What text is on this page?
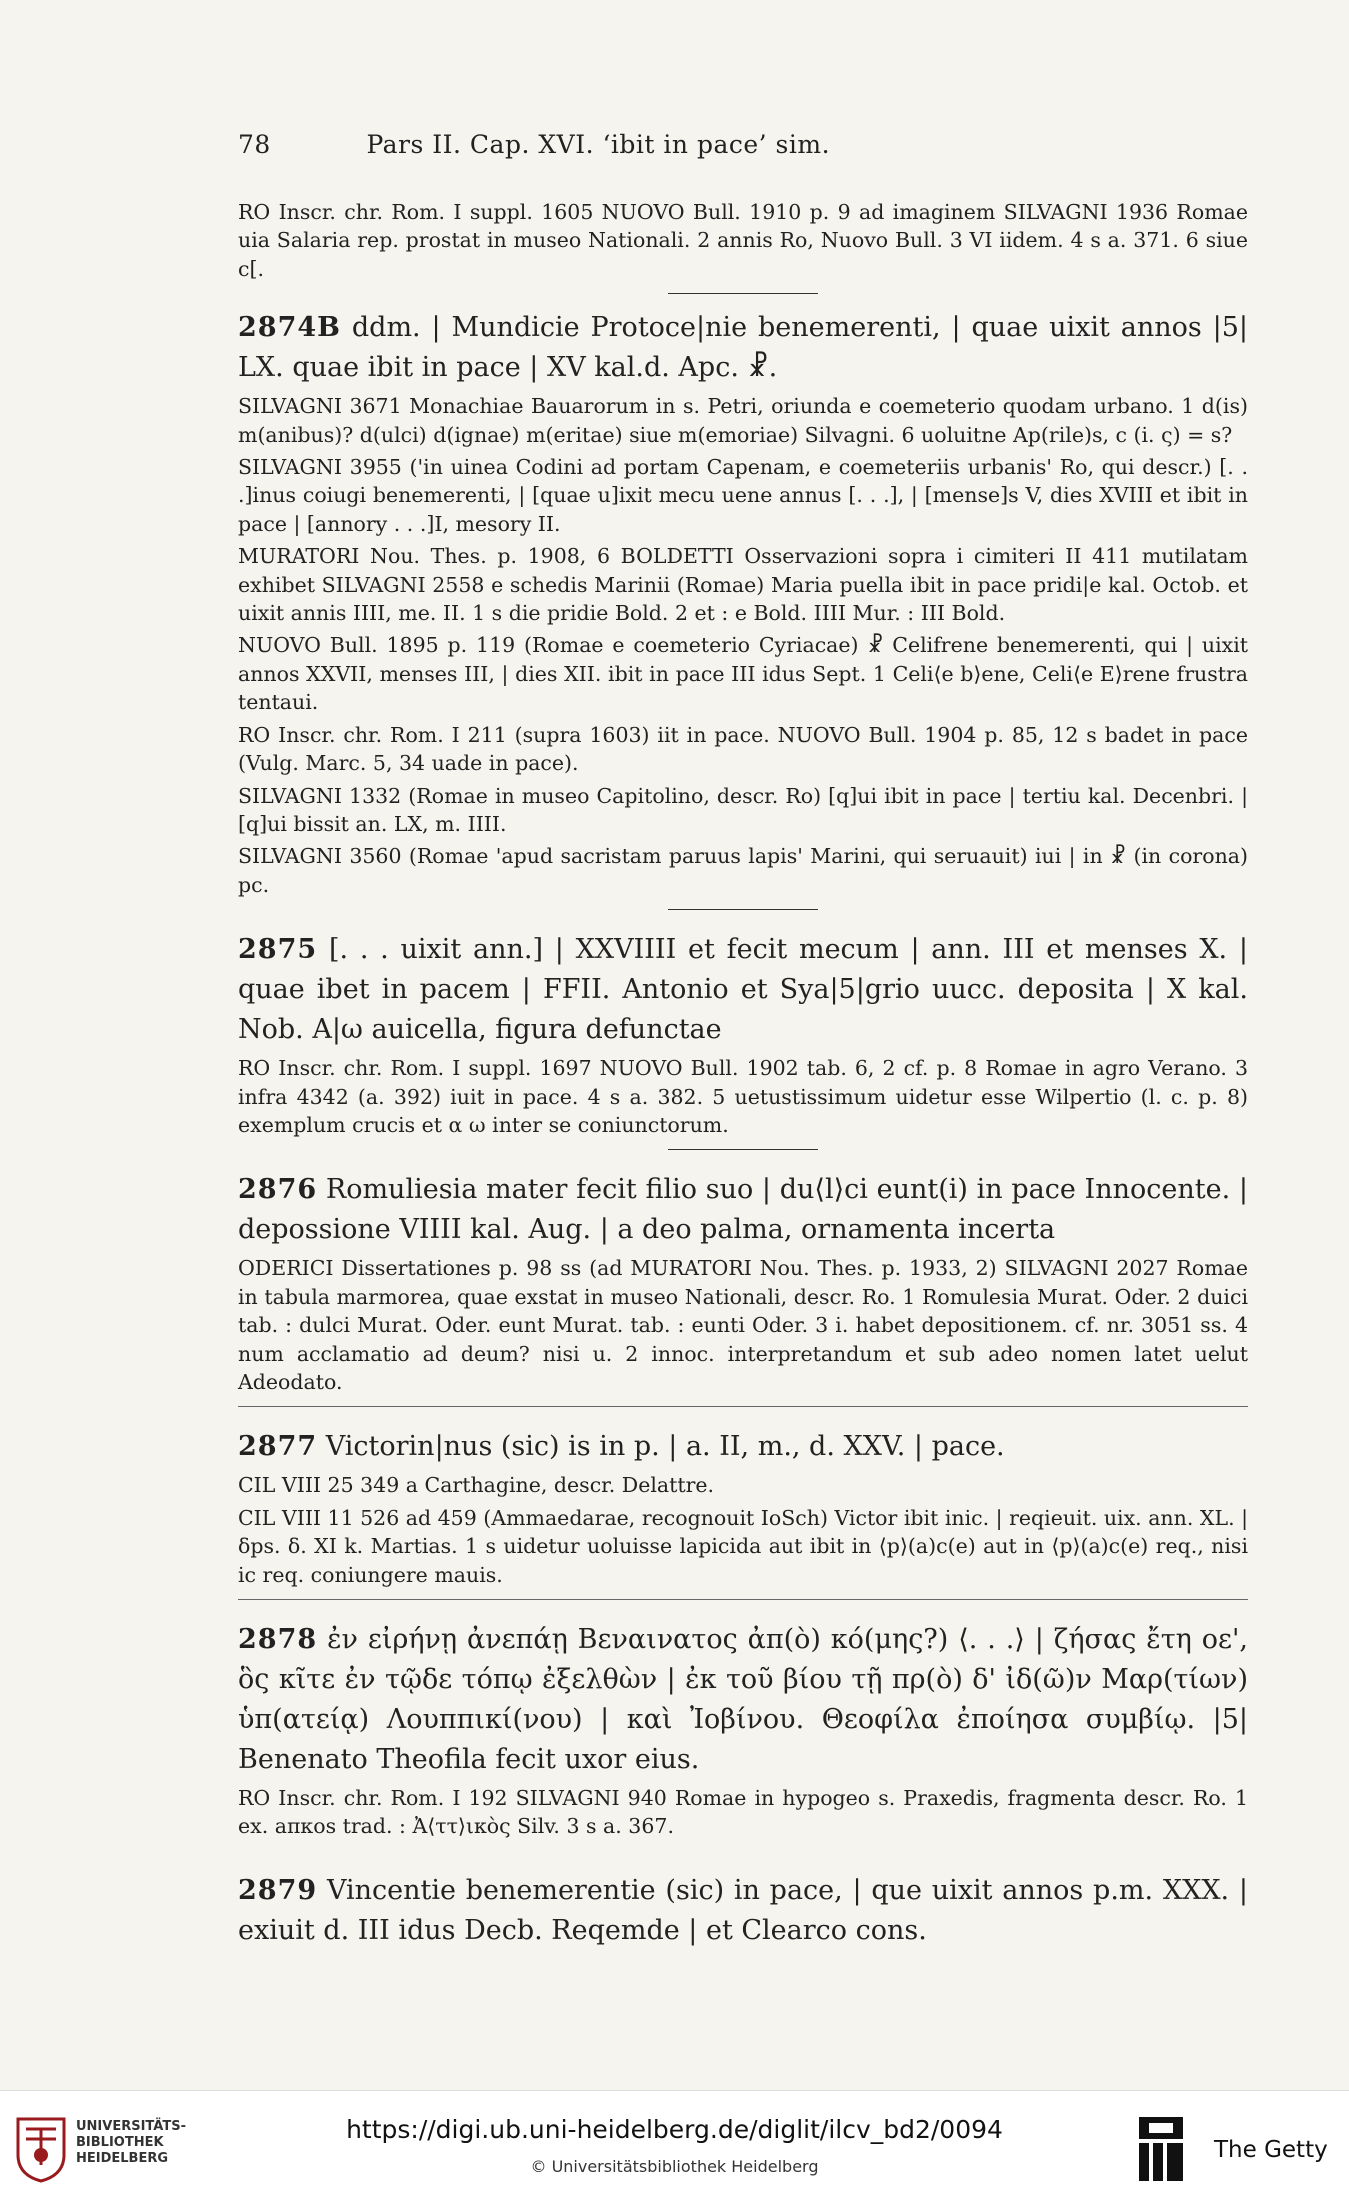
78	Pars II. Cap. XVI. ‘ibit in pace’ sim.

RO Inscr. chr. Rom. I suppl. 1605 NUOVO Bull. 1910 p. 9 ad imaginem SILVAGNI 1936 Romae uia Salaria rep. prostat in museo Nationali. 2 annis Ro, Nuovo Bull. 3 VI iidem. 4 s a. 371. 6 siue c[.

2874B ddm. | Mundicie Protoce|nie benemerenti, | quae uixit annos |5| LX. quae ibit in pace | XV kal.d. Apc. ☧.

SILVAGNI 3671 Monachiae Bauarorum in s. Petri, oriunda e coemeterio quodam urbano. 1 d(is) m(anibus)? d(ulci) d(ignae) m(eritae) siue m(emoriae) Silvagni. 6 uoluitne Ap(rile)s, c (i. ς) = s?

SILVAGNI 3955 ('in uinea Codini ad portam Capenam, e coemeteriis urbanis' Ro, qui descr.) [. . .]inus coiugi benemerenti, | [quae u]ixit mecu uene annus [. . .], | [mense]s V, dies XVIII et ibit in pace | [annory . . .]I, mesory II.

MURATORI Nou. Thes. p. 1908, 6 BOLDETTI Osservazioni sopra i cimiteri II 411 mutilatam exhibet SILVAGNI 2558 e schedis Marinii (Romae) Maria puella ibit in pace pridi|e kal. Octob. et uixit annis IIII, me. II. 1 s die pridie Bold. 2 et : e Bold. IIII Mur. : III Bold.

NUOVO Bull. 1895 p. 119 (Romae e coemeterio Cyriacae) ☧ Celifrene benemerenti, qui | uixit annos XXVII, menses III, | dies XII. ibit in pace III idus Sept. 1 Celi⟨e b⟩ene, Celi⟨e E⟩rene frustra tentaui.

RO Inscr. chr. Rom. I 211 (supra 1603) iit in pace. NUOVO Bull. 1904 p. 85, 12 s badet in pace (Vulg. Marc. 5, 34 uade in pace).

SILVAGNI 1332 (Romae in museo Capitolino, descr. Ro) [q]ui ibit in pace | tertiu kal. Decenbri. | [q]ui bissit an. LX, m. IIII.

SILVAGNI 3560 (Romae 'apud sacristam paruus lapis' Marini, qui seruauit) iui | in ☧ (in corona) pc.

2875 [. . . uixit ann.] | XXVIIII et fecit mecum | ann. III et menses X. | quae ibet in pacem | FFII. Antonio et Sya|5|grio uucc. deposita | X kal. Nob. A|ω auicella, figura defunctae

RO Inscr. chr. Rom. I suppl. 1697 NUOVO Bull. 1902 tab. 6, 2 cf. p. 8 Romae in agro Verano. 3 infra 4342 (a. 392) iuit in pace. 4 s a. 382. 5 uetustissimum uidetur esse Wilpertio (l. c. p. 8) exemplum crucis et α ω inter se coniunctorum.

2876 Romuliesia mater fecit filio suo | du⟨l⟩ci eunt(i) in pace Innocente. | depossione VIIII kal. Aug. | a deo palma, ornamenta incerta

ODERICI Dissertationes p. 98 ss (ad MURATORI Nou. Thes. p. 1933, 2) SILVAGNI 2027 Romae in tabula marmorea, quae exstat in museo Nationali, descr. Ro. 1 Romulesia Murat. Oder. 2 duici tab. : dulci Murat. Oder. eunt Murat. tab. : eunti Oder. 3 i. habet depositionem. cf. nr. 3051 ss. 4 num acclamatio ad deum? nisi u. 2 innoc. interpretandum et sub adeo nomen latet uelut Adeodato.

2877 Victorin|nus (sic) is in p. | a. II, m., d. XXV. | pace.

CIL VIII 25 349 a Carthagine, descr. Delattre.

CIL VIII 11 526 ad 459 (Ammaedarae, recognouit IoSch) Victor ibit inic. | reqieuit. uix. ann. XL. | δps. δ. XI k. Martias. 1 s uidetur uoluisse lapicida aut ibit in ⟨p⟩(a)c(e) aut in ⟨p⟩(a)c(e) req., nisi ic req. coniungere mauis.

2878 ἐν εἰρήνῃ ἀνεπάῃ Βεναινατος ἀπ(ὸ) κό(μης?) ⟨. . .⟩ | ζήσας ἔτη οε', ὃς κῖτε ἐν τῷδε τόπῳ ἐξελθὼν | ἐκ τοῦ βίου τῇ πρ(ὸ) δ' ἰδ(ῶ)ν Μαρ(τίων) ὑπ(ατείᾳ) Λουππικί(νου) | καὶ Ἰοβίνου. Θεοφίλα ἐποίησα συμβίῳ. |5| Benenato Theofila fecit uxor eius.

RO Inscr. chr. Rom. I 192 SILVAGNI 940 Romae in hypogeo s. Praxedis, fragmenta descr. Ro. 1 ex. aπκos trad. : Ἀ⟨ττ⟩ικὸς Silv. 3 s a. 367.

2879 Vincentie benemerentie (sic) in pace, | que uixit annos p.m. XXX. | exiuit d. III idus Decb. Reqemde | et Clearco cons.

UNIVERSITÄTS-
BIBLIOTHEK
HEIDELBERG
https://digi.ub.uni-heidelberg.de/diglit/ilcv_bd2/0094
© Universitätsbibliothek Heidelberg
The Getty
